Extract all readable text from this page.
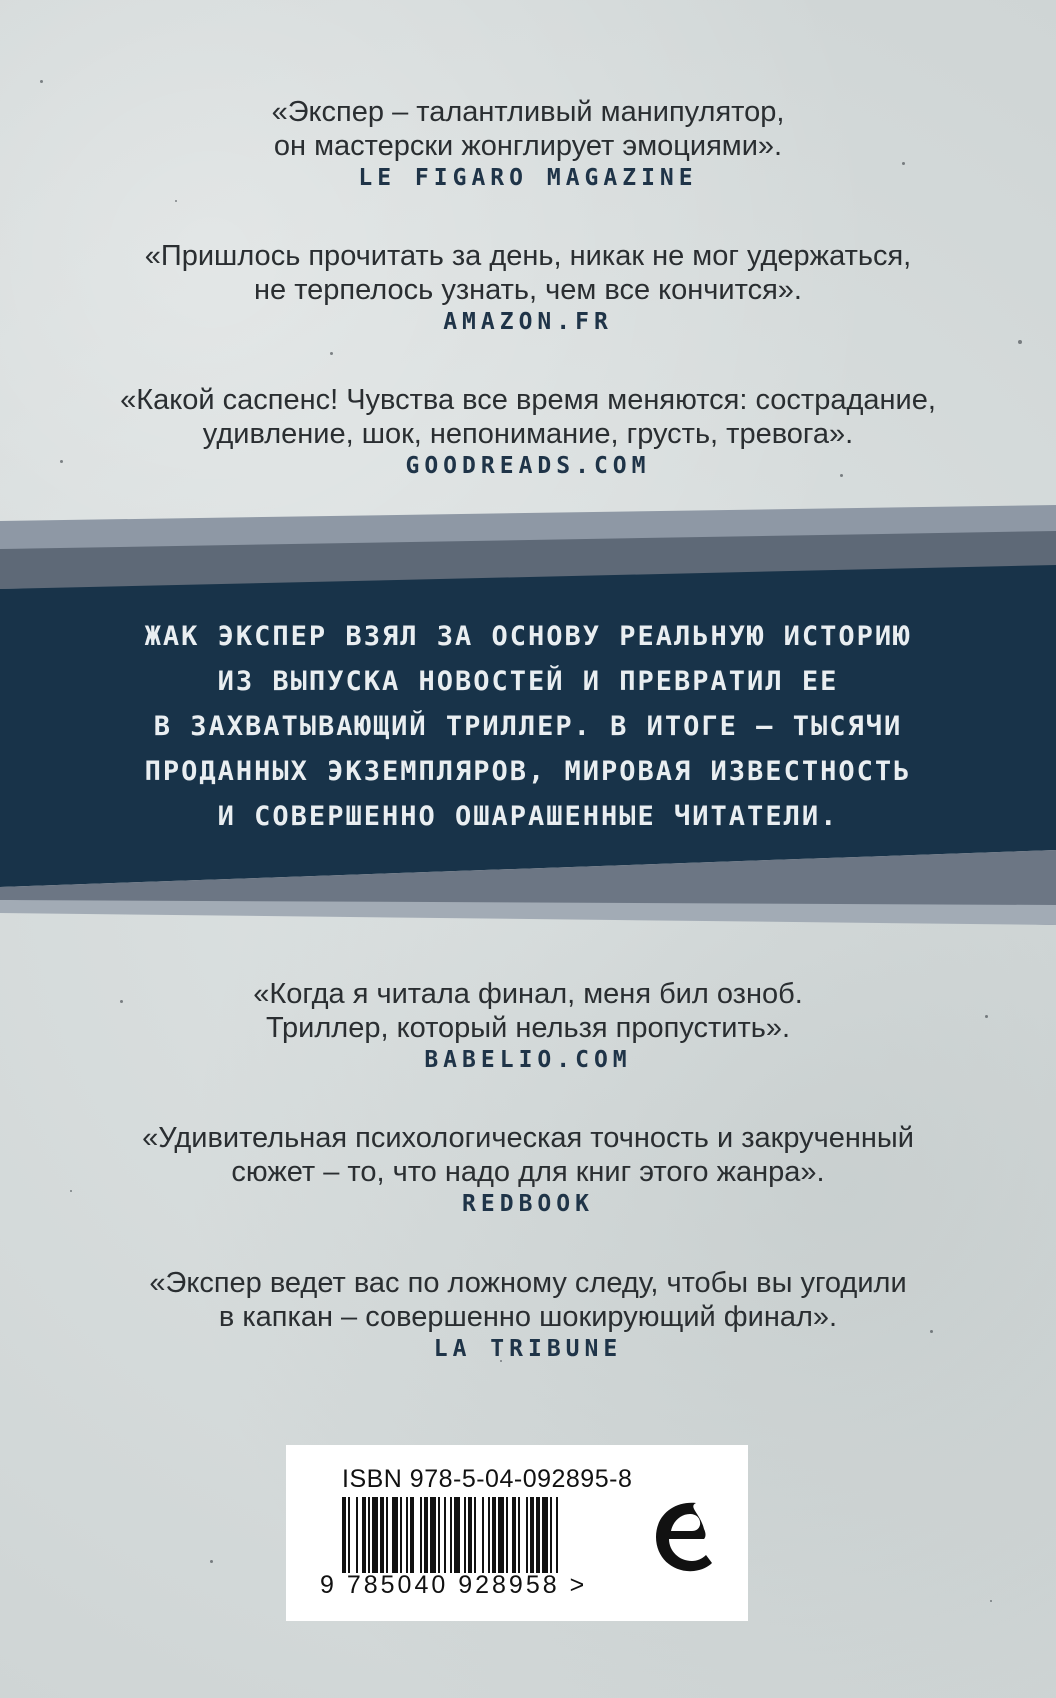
«Экспер – талантливый манипулятор,
он мастерски жонглирует эмоциями».
LE FIGARO MAGAZINE
«Пришлось прочитать за день, никак не мог удержаться,
не терпелось узнать, чем все кончится».
AMAZON.FR
«Какой саспенс! Чувства все время меняются: сострадание,
удивление, шок, непонимание, грусть, тревога».
GOODREADS.COM
ЖАК ЭКСПЕР ВЗЯЛ ЗА ОСНОВУ РЕАЛЬНУЮ ИСТОРИЮ
ИЗ ВЫПУСКА НОВОСТЕЙ И ПРЕВРАТИЛ ЕЕ
В ЗАХВАТЫВАЮЩИЙ ТРИЛЛЕР. В ИТОГЕ – ТЫСЯЧИ
ПРОДАННЫХ ЭКЗЕМПЛЯРОВ, МИРОВАЯ ИЗВЕСТНОСТЬ
И СОВЕРШЕННО ОШАРАШЕННЫЕ ЧИТАТЕЛИ.
«Когда я читала финал, меня бил озноб.
Триллер, который нельзя пропустить».
BABELIO.COM
«Удивительная психологическая точность и закрученный
сюжет – то, что надо для книг этого жанра».
REDBOOK
«Экспер ведет вас по ложному следу, чтобы вы угодили
в капкан – совершенно шокирующий финал».
LA TRIBUNE
ISBN 978-5-04-092895-8
9 785040 928958 >
